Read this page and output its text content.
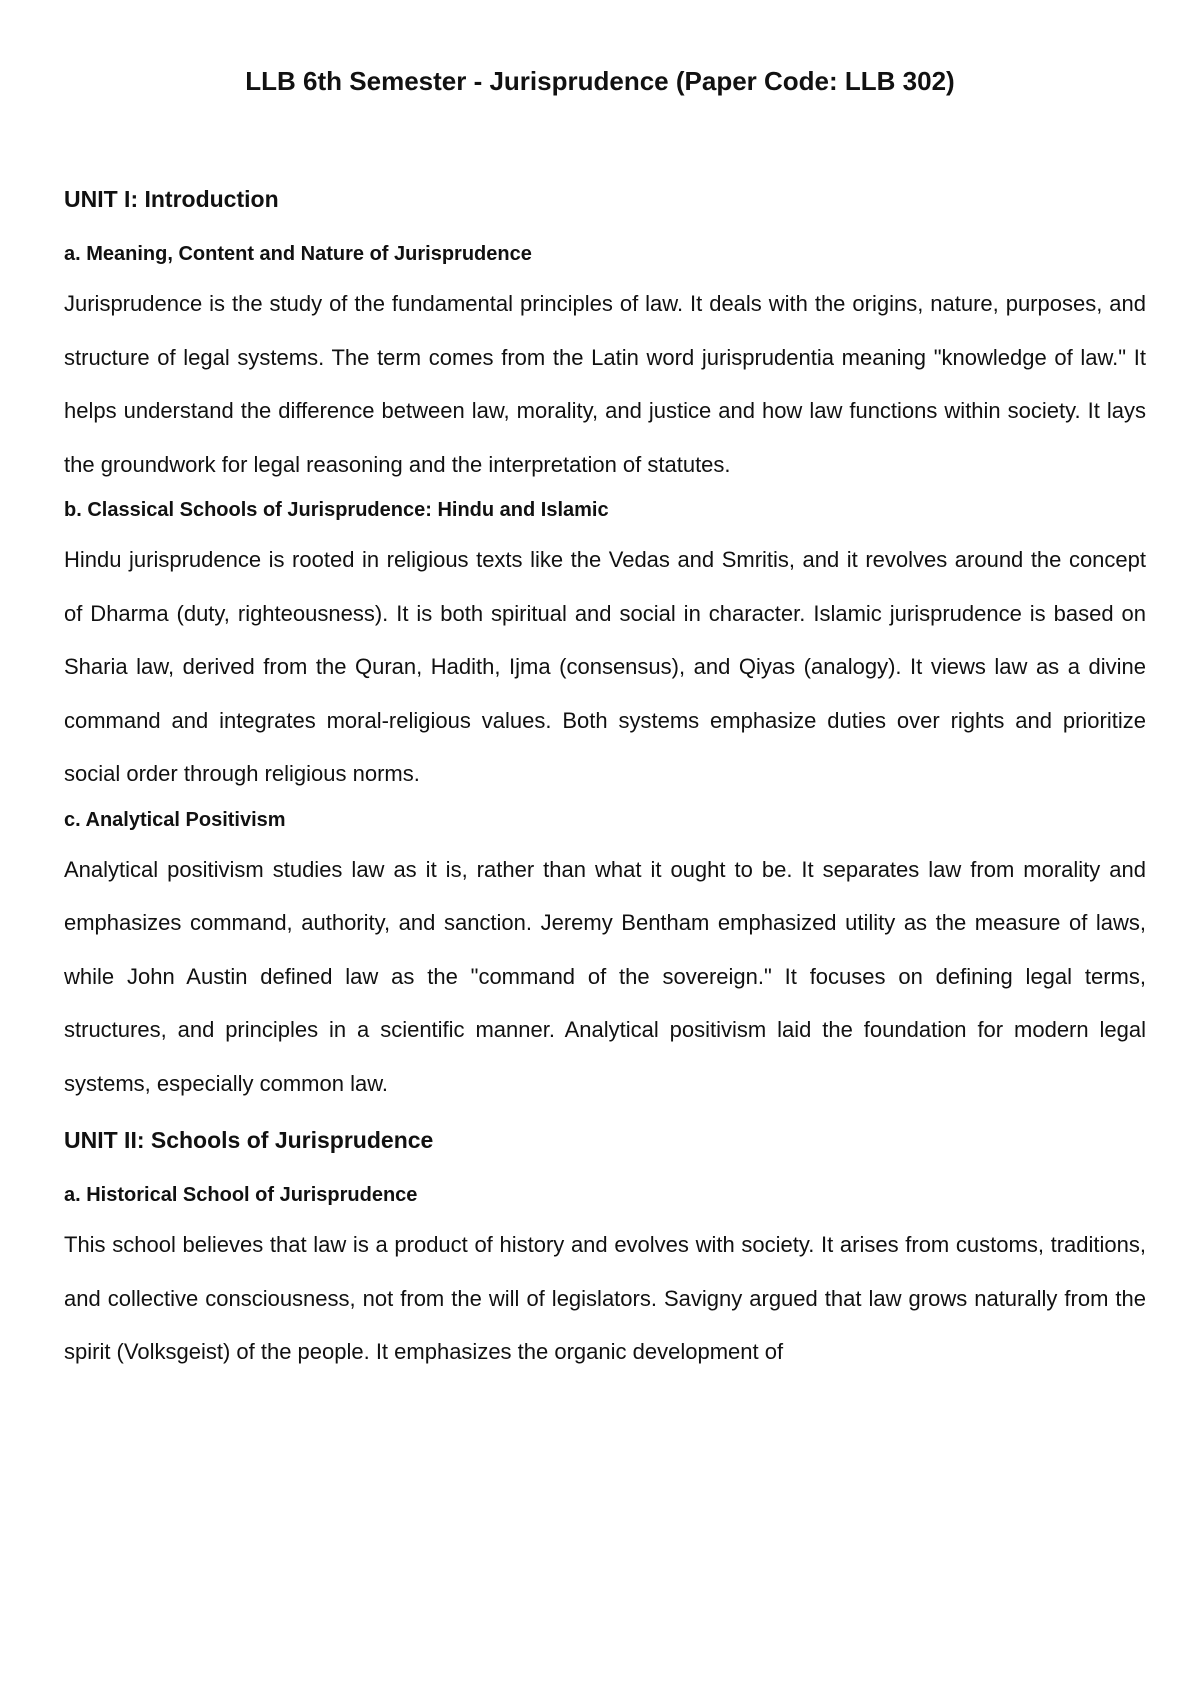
LLB 6th Semester - Jurisprudence (Paper Code: LLB 302)
UNIT I: Introduction
a. Meaning, Content and Nature of Jurisprudence

Jurisprudence is the study of the fundamental principles of law. It deals with the origins, nature, purposes, and structure of legal systems. The term comes from the Latin word jurisprudentia meaning "knowledge of law." It helps understand the difference between law, morality, and justice and how law functions within society. It lays the groundwork for legal reasoning and the interpretation of statutes.

b. Classical Schools of Jurisprudence: Hindu and Islamic

Hindu jurisprudence is rooted in religious texts like the Vedas and Smritis, and it revolves around the concept of Dharma (duty, righteousness). It is both spiritual and social in character. Islamic jurisprudence is based on Sharia law, derived from the Quran, Hadith, Ijma (consensus), and Qiyas (analogy). It views law as a divine command and integrates moral-religious values. Both systems emphasize duties over rights and prioritize social order through religious norms.

c. Analytical Positivism

Analytical positivism studies law as it is, rather than what it ought to be. It separates law from morality and emphasizes command, authority, and sanction. Jeremy Bentham emphasized utility as the measure of laws, while John Austin defined law as the "command of the sovereign." It focuses on defining legal terms, structures, and principles in a scientific manner. Analytical positivism laid the foundation for modern legal systems, especially common law.

UNIT II: Schools of Jurisprudence
a. Historical School of Jurisprudence

This school believes that law is a product of history and evolves with society. It arises from customs, traditions, and collective consciousness, not from the will of legislators. Savigny argued that law grows naturally from the spirit (Volksgeist) of the people. It emphasizes the organic development of
